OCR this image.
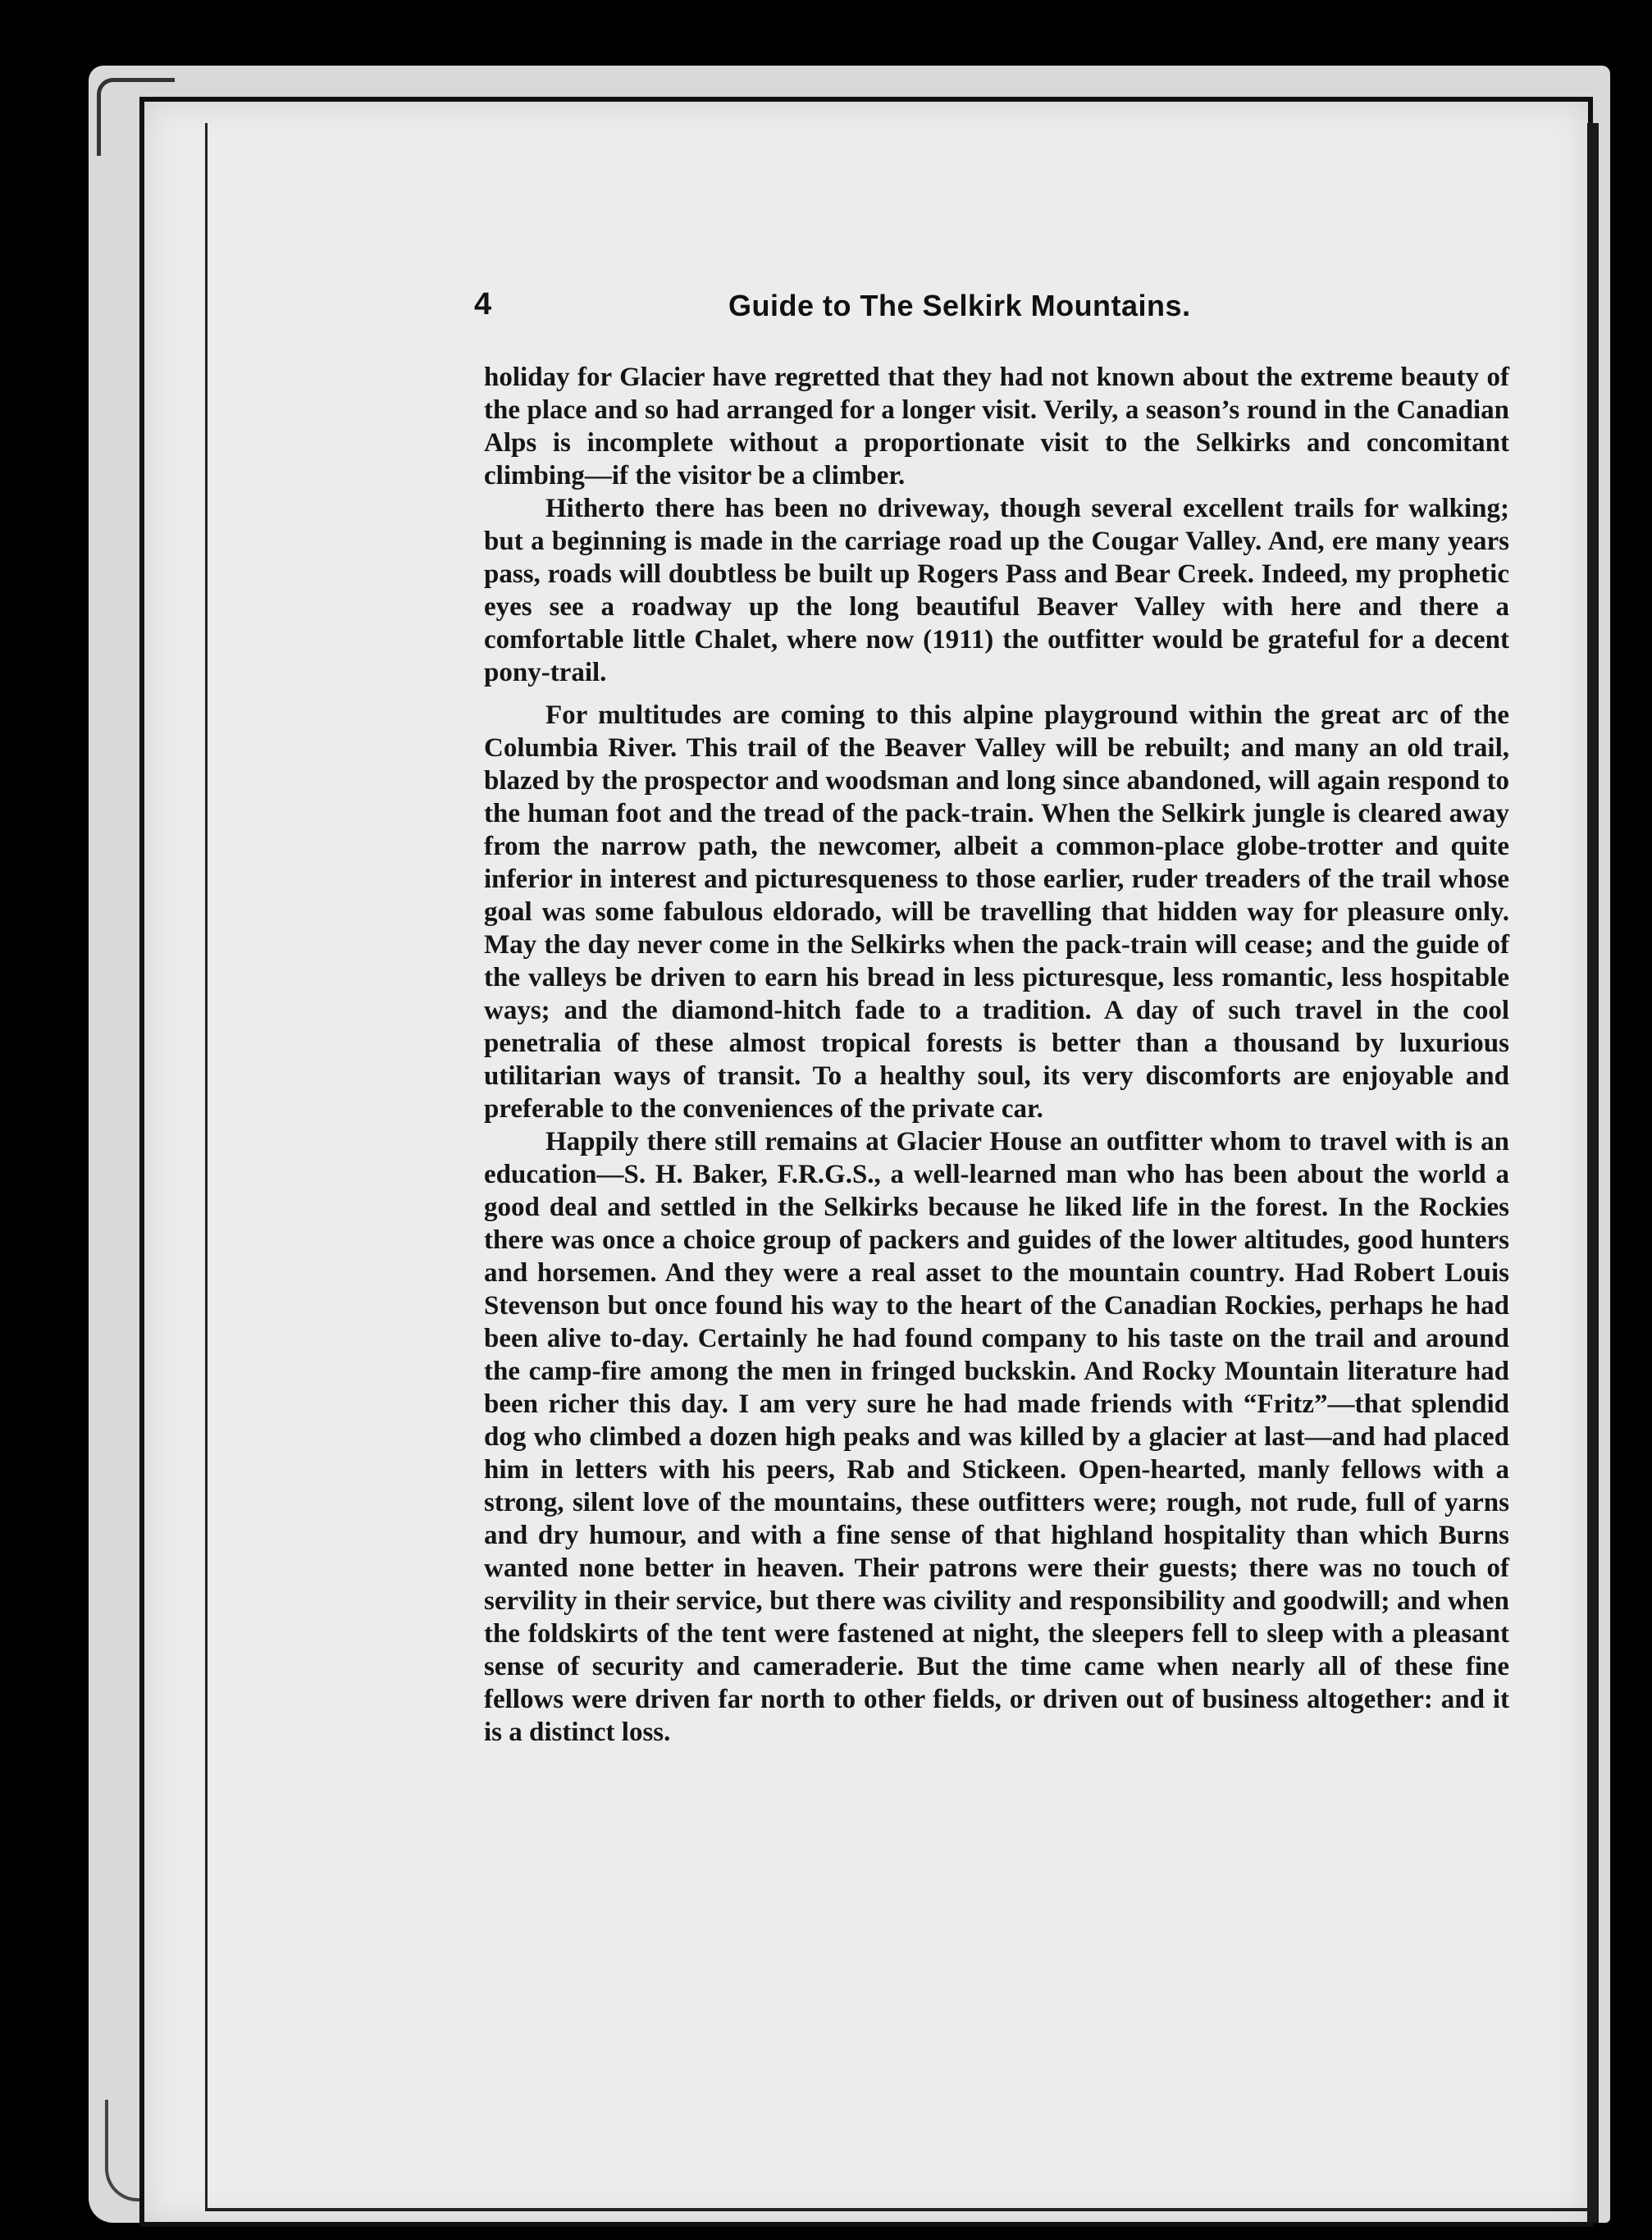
4	Guide to The Selkirk Mountains.

holiday for Glacier have regretted that they had not known about the extreme beauty of the place and so had arranged for a longer visit. Verily, a season’s round in the Canadian Alps is incomplete without a proportionate visit to the Selkirks and concomitant climbing—if the visitor be a climber.

Hitherto there has been no driveway, though several excellent trails for walking; but a beginning is made in the carriage road up the Cougar Valley. And, ere many years pass, roads will doubtless be built up Rogers Pass and Bear Creek. Indeed, my prophetic eyes see a roadway up the long beautiful Beaver Valley with here and there a comfortable little Chalet, where now (1911) the outfitter would be grateful for a decent pony-trail.

For multitudes are coming to this alpine playground within the great arc of the Columbia River. This trail of the Beaver Valley will be rebuilt; and many an old trail, blazed by the prospector and woodsman and long since abandoned, will again respond to the human foot and the tread of the pack-train. When the Selkirk jungle is cleared away from the narrow path, the newcomer, albeit a common-place globe-trotter and quite inferior in interest and picturesqueness to those earlier, ruder treaders of the trail whose goal was some fabulous eldorado, will be travelling that hidden way for pleasure only. May the day never come in the Selkirks when the pack-train will cease; and the guide of the valleys be driven to earn his bread in less picturesque, less romantic, less hospitable ways; and the diamond-hitch fade to a tradition. A day of such travel in the cool penetralia of these almost tropical forests is better than a thousand by luxurious utilitarian ways of transit. To a healthy soul, its very discomforts are enjoyable and preferable to the conveniences of the private car.

Happily there still remains at Glacier House an outfitter whom to travel with is an education—S. H. Baker, F.R.G.S., a well-learned man who has been about the world a good deal and settled in the Selkirks because he liked life in the forest. In the Rockies there was once a choice group of packers and guides of the lower altitudes, good hunters and horsemen. And they were a real asset to the mountain country. Had Robert Louis Stevenson but once found his way to the heart of the Canadian Rockies, perhaps he had been alive to-day. Certainly he had found company to his taste on the trail and around the camp-fire among the men in fringed buckskin. And Rocky Mountain literature had been richer this day. I am very sure he had made friends with “Fritz”—that splendid dog who climbed a dozen high peaks and was killed by a glacier at last—and had placed him in letters with his peers, Rab and Stickeen. Open-hearted, manly fellows with a strong, silent love of the mountains, these outfitters were; rough, not rude, full of yarns and dry humour, and with a fine sense of that highland hospitality than which Burns wanted none better in heaven. Their patrons were their guests; there was no touch of servility in their service, but there was civility and responsibility and goodwill; and when the foldskirts of the tent were fastened at night, the sleepers fell to sleep with a pleasant sense of security and cameraderie. But the time came when nearly all of these fine fellows were driven far north to other fields, or driven out of business altogether: and it is a distinct loss.
